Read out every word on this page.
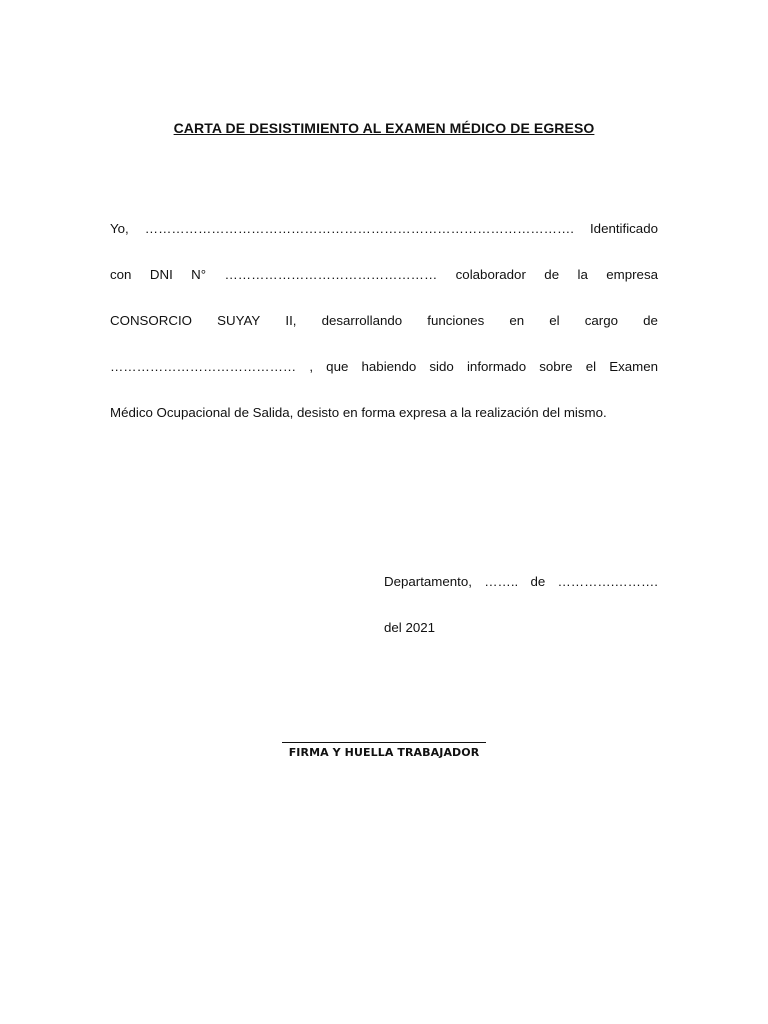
CARTA DE DESISTIMIENTO AL EXAMEN MÉDICO DE EGRESO
Yo, ……………………………………………………………………………………. Identificado
con DNI N° ………………………………………… colaborador de la empresa
CONSORCIO SUYAY II, desarrollando funciones en el cargo de
…………………………………… , que habiendo sido informado sobre el Examen
Médico Ocupacional de Salida, desisto en forma expresa a la realización del mismo.
Departamento, …….. de ………….……….
del 2021
FIRMA Y HUELLA TRABAJADOR
